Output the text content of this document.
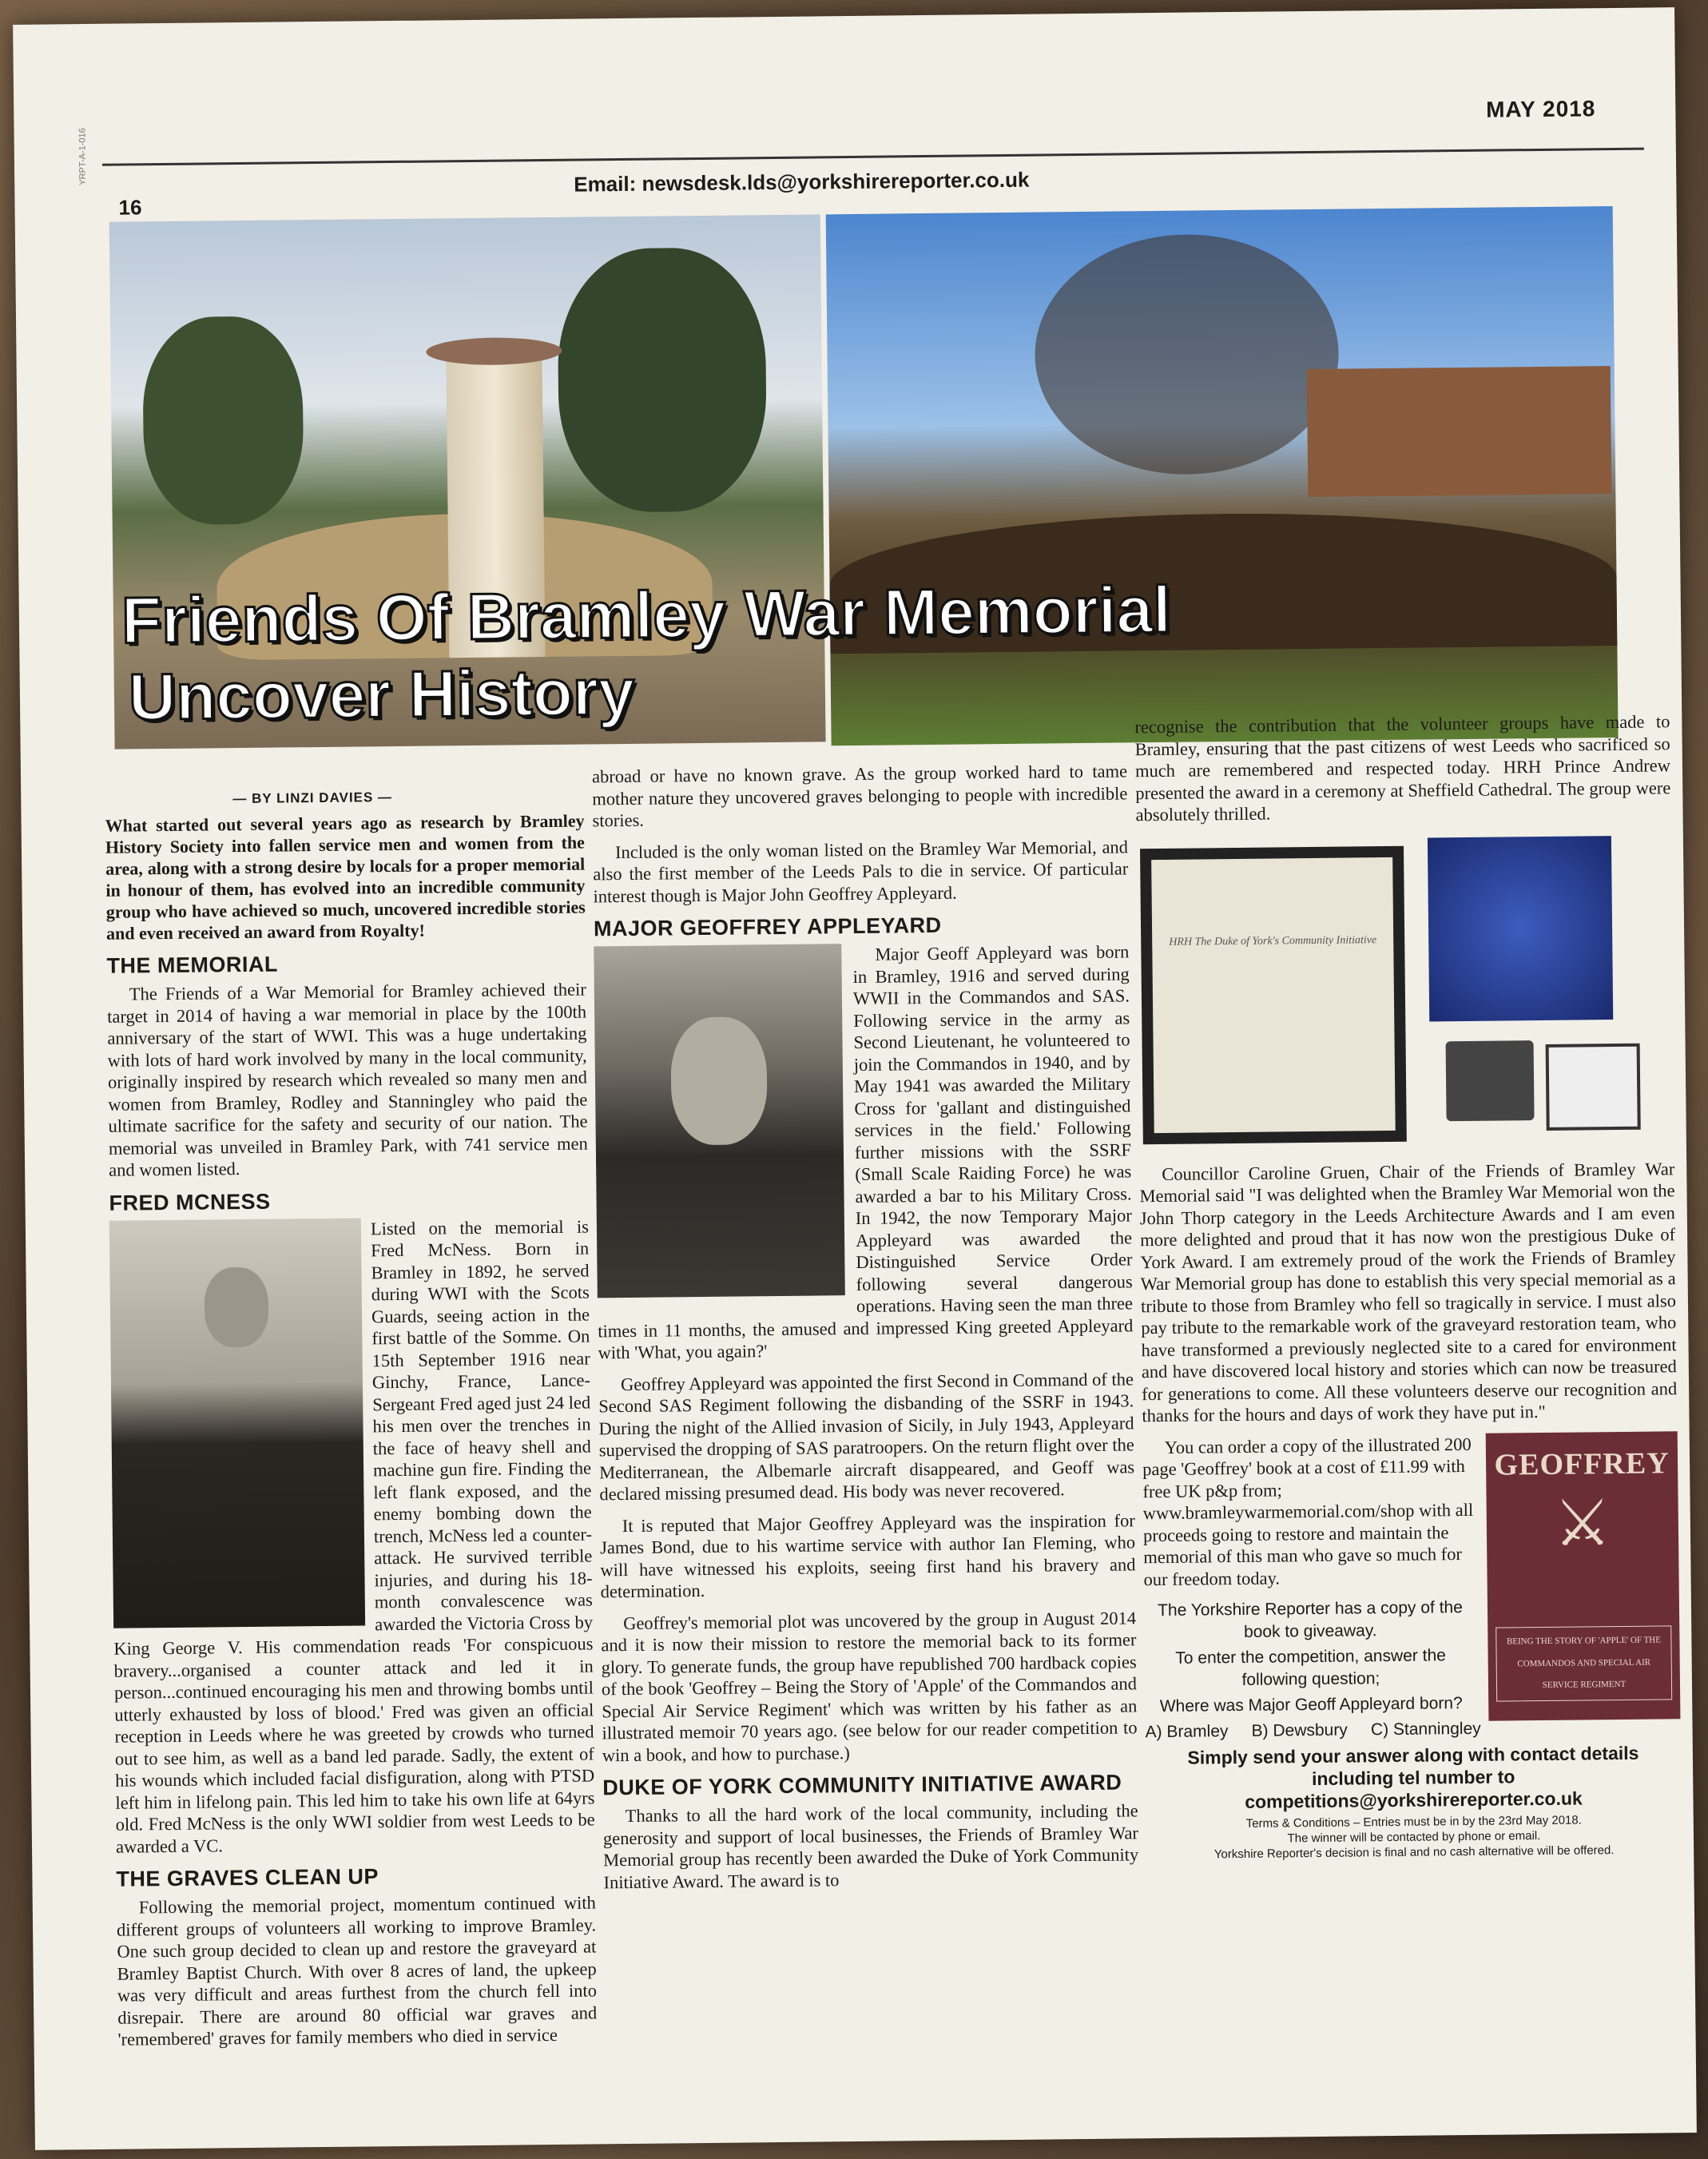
YRPT-A-1-016
MAY 2018
Email: newsdesk.lds@yorkshirereporter.co.uk
16
Friends Of Bramley War Memorial
Uncover History
— BY LINZI DAVIES —

What started out several years ago as research by Bramley History Society into fallen service men and women from the area, along with a strong desire by locals for a proper memorial in honour of them, has evolved into an incredible community group who have achieved so much, uncovered incredible stories and even received an award from Royalty!

THE MEMORIAL

The Friends of a War Memorial for Bramley achieved their target in 2014 of having a war memorial in place by the 100th anniversary of the start of WWI. This was a huge undertaking with lots of hard work involved by many in the local community, originally inspired by research which revealed so many men and women from Bramley, Rodley and Stanningley who paid the ultimate sacrifice for the safety and security of our nation. The memorial was unveiled in Bramley Park, with 741 service men and women listed.

FRED MCNESS

Listed on the memorial is Fred McNess. Born in Bramley in 1892, he served during WWI with the Scots Guards, seeing action in the first battle of the Somme. On 15th September 1916 near Ginchy, France, Lance-Sergeant Fred aged just 24 led his men over the trenches in the face of heavy shell and machine gun fire. Finding the left flank exposed, and the enemy bombing down the trench, McNess led a counter-attack. He survived terrible injuries, and during his 18-month convalescence was awarded the Victoria Cross by King George V. His commendation reads 'For conspicuous bravery...organised a counter attack and led it in person...continued encouraging his men and throwing bombs until utterly exhausted by loss of blood.' Fred was given an official reception in Leeds where he was greeted by crowds who turned out to see him, as well as a band led parade. Sadly, the extent of his wounds which included facial disfiguration, along with PTSD left him in lifelong pain. This led him to take his own life at 64yrs old. Fred McNess is the only WWI soldier from west Leeds to be awarded a VC.

THE GRAVES CLEAN UP

Following the memorial project, momentum continued with different groups of volunteers all working to improve Bramley. One such group decided to clean up and restore the graveyard at Bramley Baptist Church. With over 8 acres of land, the upkeep was very difficult and areas furthest from the church fell into disrepair. There are around 80 official war graves and 'remembered' graves for family members who died in service

abroad or have no known grave. As the group worked hard to tame mother nature they uncovered graves belonging to people with incredible stories.

Included is the only woman listed on the Bramley War Memorial, and also the first member of the Leeds Pals to die in service. Of particular interest though is Major John Geoffrey Appleyard.

MAJOR GEOFFREY APPLEYARD

Major Geoff Appleyard was born in Bramley, 1916 and served during WWII in the Commandos and SAS. Following service in the army as Second Lieutenant, he volunteered to join the Commandos in 1940, and by May 1941 was awarded the Military Cross for 'gallant and distinguished services in the field.' Following further missions with the SSRF (Small Scale Raiding Force) he was awarded a bar to his Military Cross. In 1942, the now Temporary Major Appleyard was awarded the Distinguished Service Order following several dangerous operations. Having seen the man three times in 11 months, the amused and impressed King greeted Appleyard with 'What, you again?'

Geoffrey Appleyard was appointed the first Second in Command of the Second SAS Regiment following the disbanding of the SSRF in 1943. During the night of the Allied invasion of Sicily, in July 1943, Appleyard supervised the dropping of SAS paratroopers. On the return flight over the Mediterranean, the Albemarle aircraft disappeared, and Geoff was declared missing presumed dead. His body was never recovered.

It is reputed that Major Geoffrey Appleyard was the inspiration for James Bond, due to his wartime service with author Ian Fleming, who will have witnessed his exploits, seeing first hand his bravery and determination.

Geoffrey's memorial plot was uncovered by the group in August 2014 and it is now their mission to restore the memorial back to its former glory. To generate funds, the group have republished 700 hardback copies of the book 'Geoffrey – Being the Story of 'Apple' of the Commandos and Special Air Service Regiment' which was written by his father as an illustrated memoir 70 years ago. (see below for our reader competition to win a book, and how to purchase.)

DUKE OF YORK COMMUNITY INITIATIVE AWARD

Thanks to all the hard work of the local community, including the generosity and support of local businesses, the Friends of Bramley War Memorial group has recently been awarded the Duke of York Community Initiative Award. The award is to

recognise the contribution that the volunteer groups have made to Bramley, ensuring that the past citizens of west Leeds who sacrificed so much are remembered and respected today. HRH Prince Andrew presented the award in a ceremony at Sheffield Cathedral. The group were absolutely thrilled.

HRH The Duke of York's Community Initiative

Councillor Caroline Gruen, Chair of the Friends of Bramley War Memorial said "I was delighted when the Bramley War Memorial won the John Thorp category in the Leeds Architecture Awards and I am even more delighted and proud that it has now won the prestigious Duke of York Award. I am extremely proud of the work the Friends of Bramley War Memorial group has done to establish this very special memorial as a tribute to those from Bramley who fell so tragically in service. I must also pay tribute to the remarkable work of the graveyard restoration team, who have transformed a previously neglected site to a cared for environment and have discovered local history and stories which can now be treasured for generations to come. All these volunteers deserve our recognition and thanks for the hours and days of work they have put in."

GEOFFREY
⚔
BEING THE STORY OF 'APPLE' OF THE COMMANDOS AND SPECIAL AIR SERVICE REGIMENT

You can order a copy of the illustrated 200 page 'Geoffrey' book at a cost of £11.99 with free UK p&p from; www.bramleywarmemorial.com/shop with all proceeds going to restore and maintain the memorial of this man who gave so much for our freedom today.

The Yorkshire Reporter has a copy of the book to giveaway.
To enter the competition, answer the following question;
Where was Major Geoff Appleyard born?
A) Bramley     B) Dewsbury     C) Stanningley
Simply send your answer along with contact details including tel number to competitions@yorkshirereporter.co.uk
Terms & Conditions – Entries must be in by the 23rd May 2018.
The winner will be contacted by phone or email.
Yorkshire Reporter's decision is final and no cash alternative will be offered.
